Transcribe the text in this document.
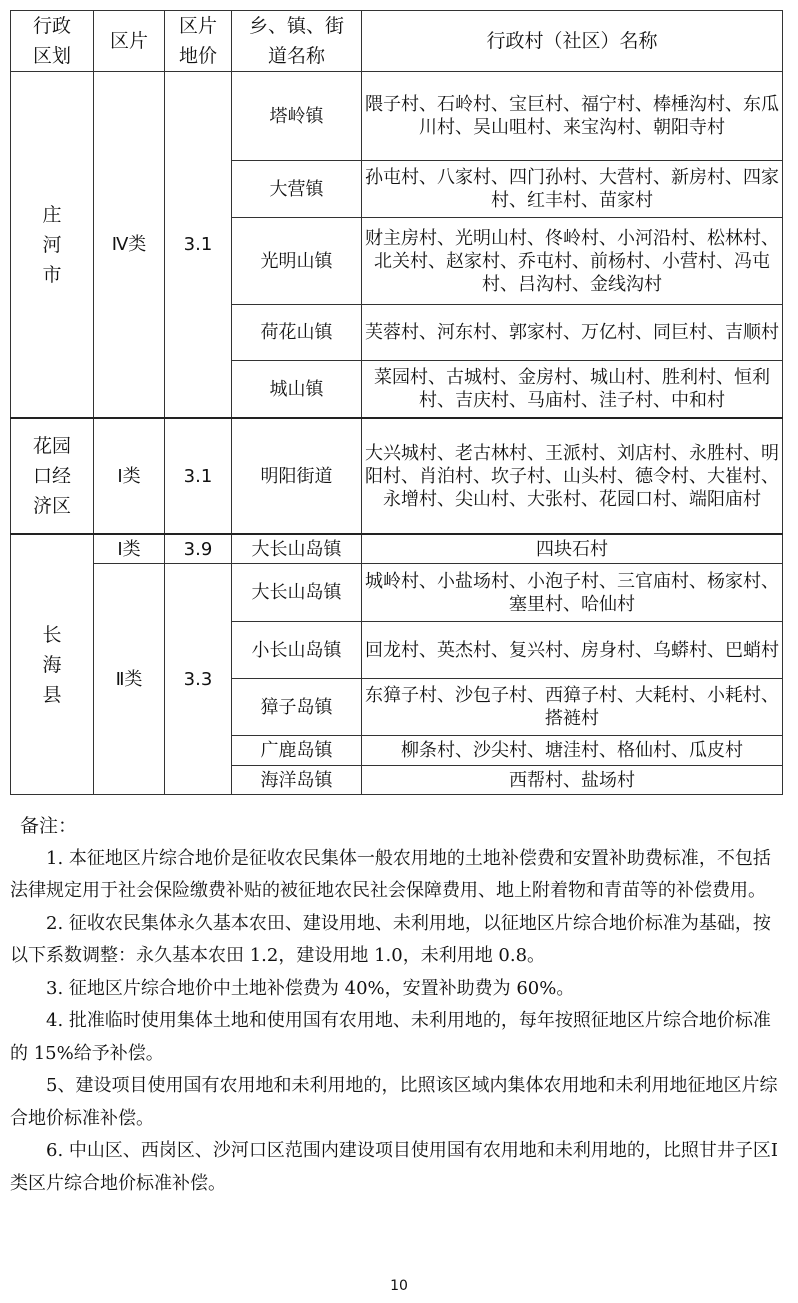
行政区划	区片	区片地价	乡、镇、街道名称	行政村（社区）名称
庄河市	Ⅳ类	3.1	塔岭镇	隈子村、石岭村、宝巨村、福宁村、棒棰沟村、东瓜川村、吴山咀村、来宝沟村、朝阳寺村
			大营镇	孙屯村、八家村、四门孙村、大营村、新房村、四家村、红丰村、苗家村
			光明山镇	财主房村、光明山村、佟岭村、小河沿村、松林村、北关村、赵家村、乔屯村、前杨村、小营村、冯屯村、吕沟村、金线沟村
			荷花山镇	芙蓉村、河东村、郭家村、万亿村、同巨村、吉顺村
			城山镇	菜园村、古城村、金房村、城山村、胜利村、恒利村、吉庆村、马庙村、洼子村、中和村
花园口经济区	Ⅰ类	3.1	明阳街道	大兴城村、老古林村、王派村、刘店村、永胜村、明阳村、肖泊村、坎子村、山头村、德令村、大崔村、永增村、尖山村、大张村、花园口村、端阳庙村
长海县	Ⅰ类	3.9	大长山岛镇	四块石村
	Ⅱ类	3.3	大长山岛镇	城岭村、小盐场村、小泡子村、三官庙村、杨家村、塞里村、哈仙村
			小长山岛镇	回龙村、英杰村、复兴村、房身村、乌蟒村、巴蛸村
			獐子岛镇	东獐子村、沙包子村、西獐子村、大耗村、小耗村、搭裢村
			广鹿岛镇	柳条村、沙尖村、塘洼村、格仙村、瓜皮村
			海洋岛镇	西帮村、盐场村
备注：

1. 本征地区片综合地价是征收农民集体一般农用地的土地补偿费和安置补助费标准，不包括法律规定用于社会保险缴费补贴的被征地农民社会保障费用、地上附着物和青苗等的补偿费用。

2. 征收农民集体永久基本农田、建设用地、未利用地，以征地区片综合地价标准为基础，按以下系数调整：永久基本农田 1.2，建设用地 1.0，未利用地 0.8。

3. 征地区片综合地价中土地补偿费为 40%，安置补助费为 60%。

4. 批准临时使用集体土地和使用国有农用地、未利用地的，每年按照征地区片综合地价标准的 15%给予补偿。

5、建设项目使用国有农用地和未利用地的，比照该区域内集体农用地和未利用地征地区片综合地价标准补偿。

6. 中山区、西岗区、沙河口区范围内建设项目使用国有农用地和未利用地的，比照甘井子区Ⅰ类区片综合地价标准补偿。

10
